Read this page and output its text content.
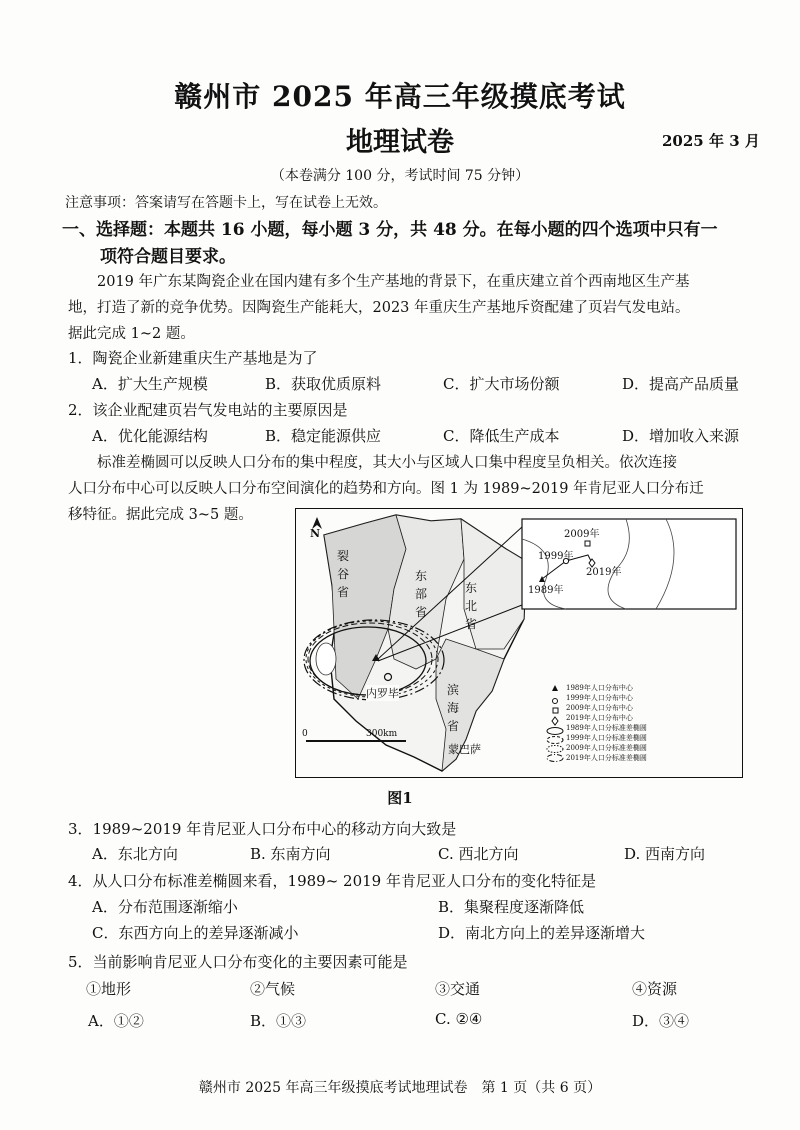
赣州市 2025 年高三年级摸底考试
地理试卷	2025 年 3 月
（本卷满分 100 分，考试时间 75 分钟）
注意事项：答案请写在答题卡上，写在试卷上无效。
一、选择题：本题共 16 小题，每小题 3 分，共 48 分。在每小题的四个选项中只有一
项符合题目要求。
　　2019 年广东某陶瓷企业在国内建有多个生产基地的背景下，在重庆建立首个西南地区生产基
地，打造了新的竞争优势。因陶瓷生产能耗大，2023 年重庆生产基地斥资配建了页岩气发电站。
据此完成 1~2 题。
1．陶瓷企业新建重庆生产基地是为了
A．扩大生产规模	B．获取优质原料	C．扩大市场份额	D．提高产品质量
2．该企业配建页岩气发电站的主要原因是
A．优化能源结构	B．稳定能源供应	C．降低生产成本	D．增加收入来源
　　标准差椭圆可以反映人口分布的集中程度，其大小与区域人口集中程度呈负相关。依次连接
人口分布中心可以反映人口分布空间演化的趋势和方向。图 1 为 1989~2019 年肯尼亚人口分布迁
移特征。据此完成 3~5 题。
N
裂谷省
东部省
东北省
滨海省
内罗毕
蒙巴萨
0	300km
2009年
1999年
2019年
1989年
1989年人口分布中心
1999年人口分布中心
2009年人口分布中心
2019年人口分布中心
1989年人口分标准差椭圆
1999年人口分标准差椭圆
2009年人口分标准差椭圆
2019年人口分标准差椭圆
图1
3．1989~2019 年肯尼亚人口分布中心的移动方向大致是
A．东北方向	B. 东南方向	C. 西北方向	D. 西南方向
4．从人口分布标准差椭圆来看，1989~ 2019 年肯尼亚人口分布的变化特征是
A．分布范围逐渐缩小	B．集聚程度逐渐降低
C．东西方向上的差异逐渐减小	D．南北方向上的差异逐渐增大
5．当前影响肯尼亚人口分布变化的主要因素可能是
①地形	②气候	③交通	④资源
A．①②	B．①③	C. ②④	D．③④
赣州市 2025 年高三年级摸底考试地理试卷　第 1 页（共 6 页）
